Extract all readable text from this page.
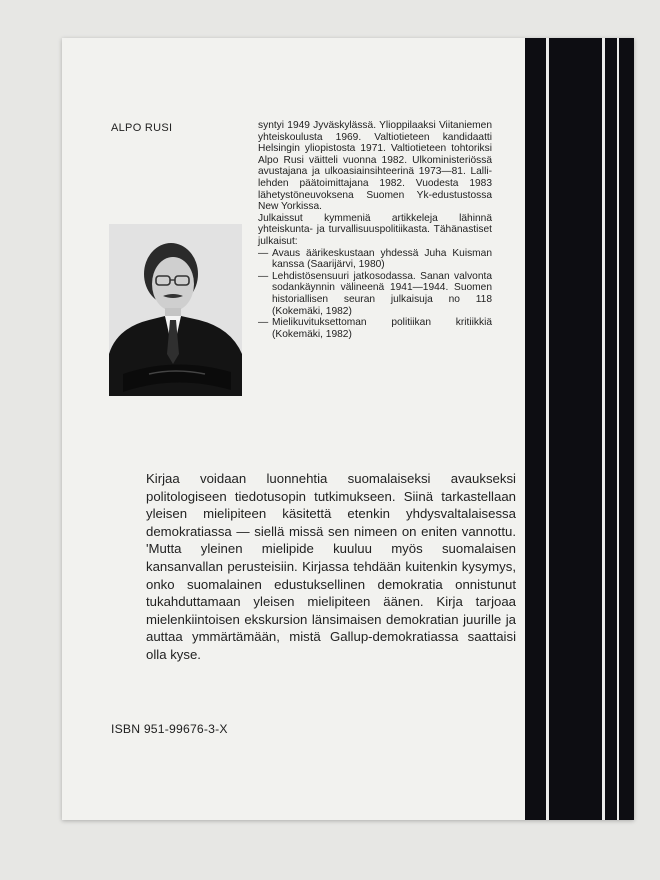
ALPO RUSI	syntyi 1949 Jyväskylässä. Ylioppilaaksi Viitaniemen yhteiskoulusta 1969. Valtiotieteen kandidaatti Helsingin yliopistosta 1971. Valtiotieteen tohtoriksi Alpo Rusi väitteli vuonna 1982. Ulkoministeriössä avustajana ja ulkoasiainsihteerinä 1973—81. Lalli-lehden päätoimittajana 1982. Vuodesta 1983 lähetystöneuvoksena Suomen Yk-edustustossa New Yorkissa.

Julkaissut kymmeniä artikkeleja lähinnä yhteiskunta- ja turvallisuuspolitiikasta. Tähänastiset julkaisut:

— Avaus äärikeskustaan yhdessä Juha Kuisman kanssa (Saarijärvi, 1980)
— Lehdistösensuuri jatkosodassa. Sanan valvonta sodankäynnin välineenä 1941—1944. Suomen historiallisen seuran julkaisuja no 118 (Kokemäki, 1982)
— Mielikuvituksettoman politiikan kritiikkiä (Kokemäki, 1982)
Kirjaa voidaan luonnehtia suomalaiseksi avaukseksi politologiseen tiedotusopin tutkimukseen. Siinä tarkastellaan yleisen mielipiteen käsitettä etenkin yhdysvaltalaisessa demokratiassa — siellä missä sen nimeen on eniten vannottu. 'Mutta yleinen mielipide kuuluu myös suomalaisen kansanvallan perusteisiin. Kirjassa tehdään kuitenkin kysymys, onko suomalainen edustuksellinen demokratia onnistunut tukahduttamaan yleisen mielipiteen äänen. Kirja tarjoaa mielenkiintoisen ekskursion länsimaisen demokratian juurille ja auttaa ymmärtämään, mistä Gallup-demokratiassa saattaisi olla kyse.
ISBN 951-99676-3-X
